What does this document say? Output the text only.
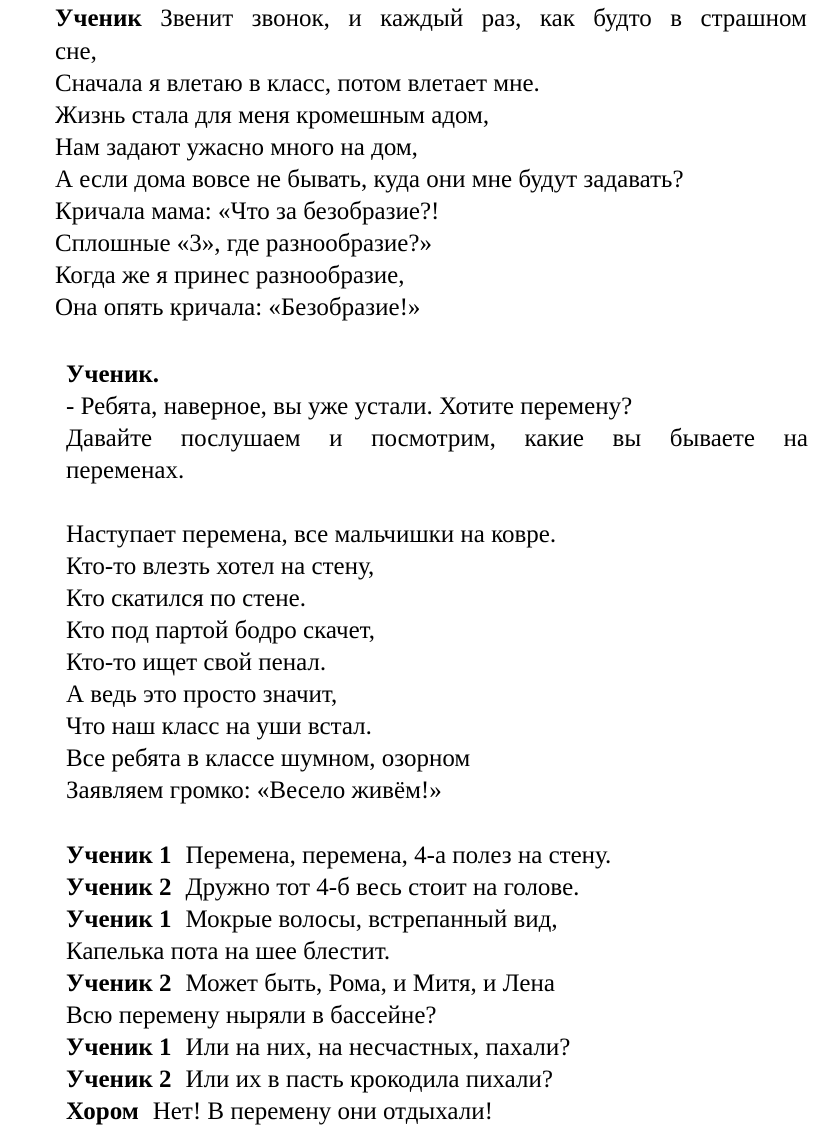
Ученик Звенит звонок, и каждый раз, как будто в страшном
сне,
Сначала я влетаю в класс, потом влетает мне.
Жизнь стала для меня кромешным адом,
Нам задают ужасно много на дом,
А если дома вовсе не бывать, куда они мне будут задавать?
Кричала мама: «Что за безобразие?!
Сплошные «3», где разнообразие?»
Когда же я принес разнообразие,
Она опять кричала: «Безобразие!»
Ученик.
- Ребята, наверное, вы уже устали. Хотите перемену?
Давайте послушаем и посмотрим, какие вы бываете на
переменах.
Наступает перемена, все мальчишки на ковре.
Кто-то влезть хотел на стену,
Кто скатился по стене.
Кто под партой бодро скачет,
Кто-то ищет свой пенал.
А ведь это просто значит,
Что наш класс на уши встал.
Все ребята в классе шумном, озорном
Заявляем громко: «Весело живём!»
Ученик 1 Перемена, перемена, 4-а полез на стену.
Ученик 2 Дружно тот 4-б весь стоит на голове.
Ученик 1 Мокрые волосы, встрепанный вид,
Капелька пота на шее блестит.
Ученик 2 Может быть, Рома, и Митя, и Лена
Всю перемену ныряли в бассейне?
Ученик 1 Или на них, на несчастных, пахали?
Ученик 2 Или их в пасть крокодила пихали?
Хором Нет! В перемену они отдыхали!
